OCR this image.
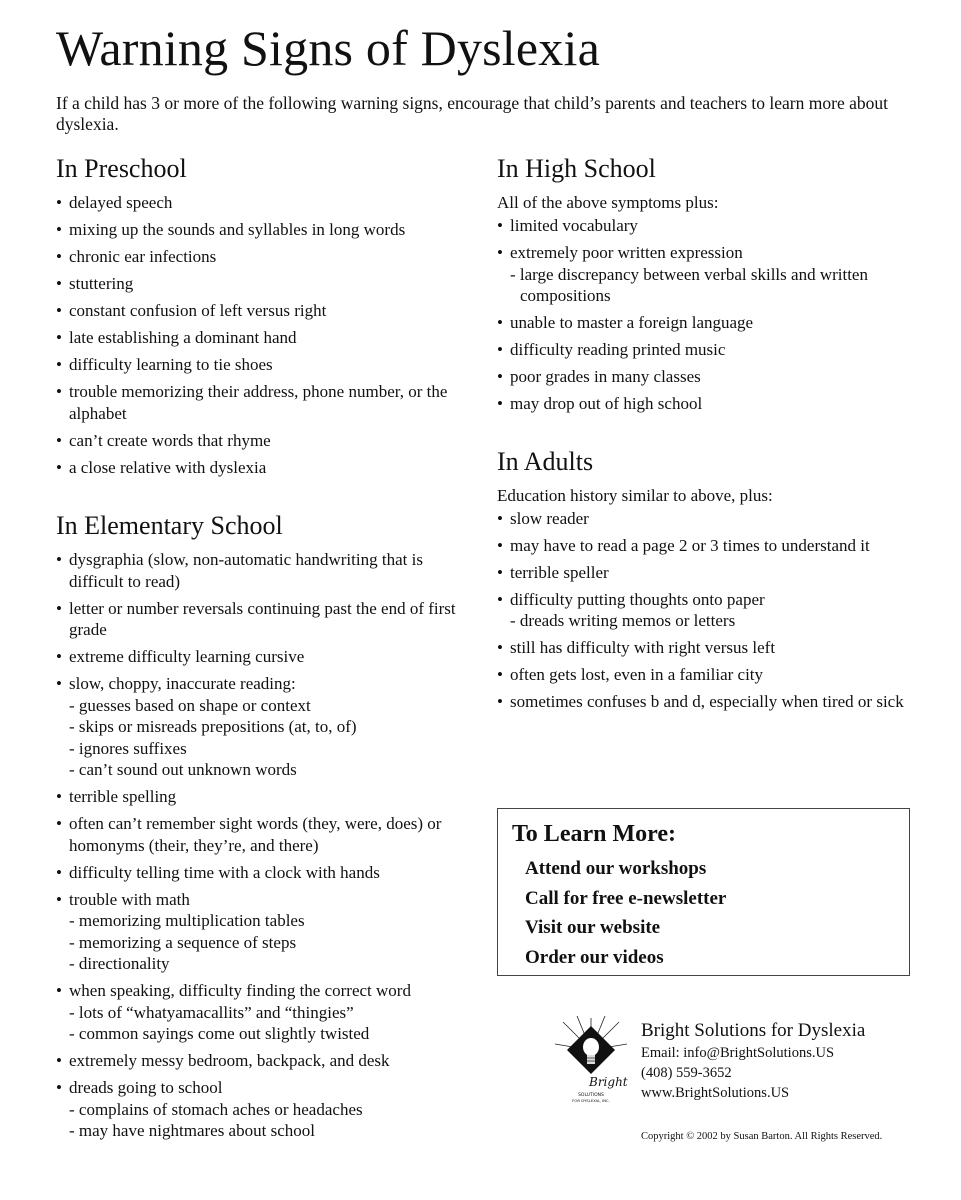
Warning Signs of Dyslexia

If a child has 3 or more of the following warning signs, encourage that child’s parents and teachers to learn more about dyslexia.

In Preschool
• delayed speech
• mixing up the sounds and syllables in long words
• chronic ear infections
• stuttering
• constant confusion of left versus right
• late establishing a dominant hand
• difficulty learning to tie shoes
• trouble memorizing their address, phone number, or the alphabet
• can’t create words that rhyme
• a close relative with dyslexia
In Elementary School
• dysgraphia (slow, non-automatic handwriting that is difficult to read)
• letter or number reversals continuing past the end of first grade
• extreme difficulty learning cursive
• slow, choppy, inaccurate reading:
- guesses based on shape or context
- skips or misreads prepositions (at, to, of)
- ignores suffixes
- can’t sound out unknown words
• terrible spelling
• often can’t remember sight words (they, were, does) or homonyms (their, they’re, and there)
• difficulty telling time with a clock with hands
• trouble with math
- memorizing multiplication tables
- memorizing a sequence of steps
- directionality
• when speaking, difficulty finding the correct word
- lots of “whatyamacallits” and “thingies”
- common sayings come out slightly twisted
• extremely messy bedroom, backpack, and desk
• dreads going to school
- complains of stomach aches or headaches
- may have nightmares about school
In High School

All of the above symptoms plus:

• limited vocabulary
• extremely poor written expression
- large discrepancy between verbal skills and written compositions
• unable to master a foreign language
• difficulty reading printed music
• poor grades in many classes
• may drop out of high school
In Adults

Education history similar to above, plus:

• slow reader
• may have to read a page 2 or 3 times to understand it
• terrible speller
• difficulty putting thoughts onto paper
- dreads writing memos or letters
• still has difficulty with right versus left
• often gets lost, even in a familiar city
• sometimes confuses b and d, especially when tired or sick
To Learn More:
Attend our workshops
Call for free e-newsletter
Visit our website
Order our videos
Bright
SOLUTIONS
FOR DYSLEXIA, INC.
Bright Solutions for Dyslexia
Email: info@BrightSolutions.US
(408) 559-3652
www.BrightSolutions.US
Copyright © 2002 by Susan Barton. All Rights Reserved.
